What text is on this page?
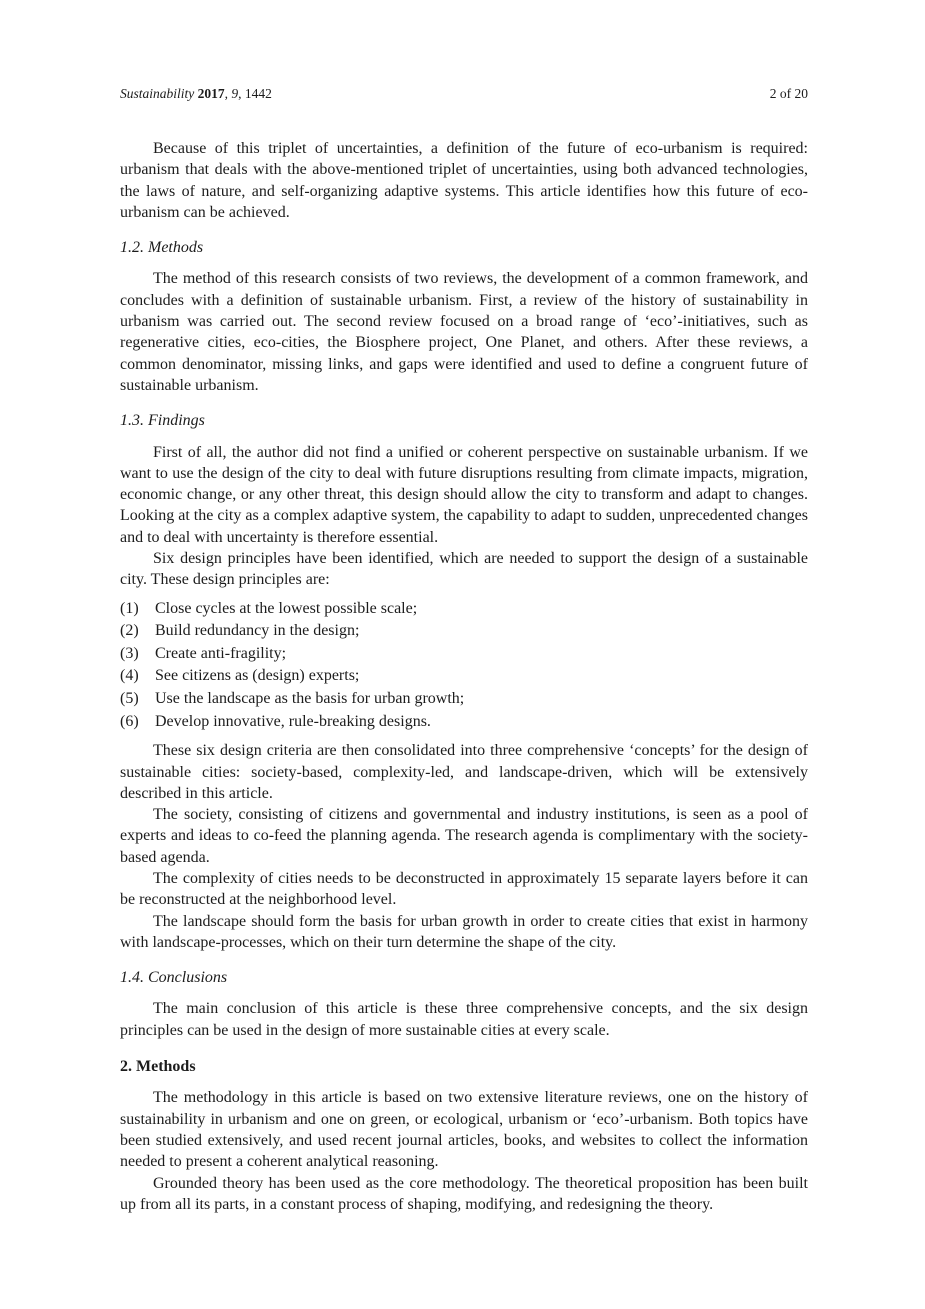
Sustainability 2017, 9, 1442	2 of 20

Because of this triplet of uncertainties, a definition of the future of eco-urbanism is required: urbanism that deals with the above-mentioned triplet of uncertainties, using both advanced technologies, the laws of nature, and self-organizing adaptive systems. This article identifies how this future of eco-urbanism can be achieved.

1.2. Methods

The method of this research consists of two reviews, the development of a common framework, and concludes with a definition of sustainable urbanism. First, a review of the history of sustainability in urbanism was carried out. The second review focused on a broad range of ‘eco’-initiatives, such as regenerative cities, eco-cities, the Biosphere project, One Planet, and others. After these reviews, a common denominator, missing links, and gaps were identified and used to define a congruent future of sustainable urbanism.

1.3. Findings

First of all, the author did not find a unified or coherent perspective on sustainable urbanism. If we want to use the design of the city to deal with future disruptions resulting from climate impacts, migration, economic change, or any other threat, this design should allow the city to transform and adapt to changes. Looking at the city as a complex adaptive system, the capability to adapt to sudden, unprecedented changes and to deal with uncertainty is therefore essential.

Six design principles have been identified, which are needed to support the design of a sustainable city. These design principles are:

(1)	Close cycles at the lowest possible scale;
(2)	Build redundancy in the design;
(3)	Create anti-fragility;
(4)	See citizens as (design) experts;
(5)	Use the landscape as the basis for urban growth;
(6)	Develop innovative, rule-breaking designs.

These six design criteria are then consolidated into three comprehensive ‘concepts’ for the design of sustainable cities: society-based, complexity-led, and landscape-driven, which will be extensively described in this article.

The society, consisting of citizens and governmental and industry institutions, is seen as a pool of experts and ideas to co-feed the planning agenda. The research agenda is complimentary with the society-based agenda.

The complexity of cities needs to be deconstructed in approximately 15 separate layers before it can be reconstructed at the neighborhood level.

The landscape should form the basis for urban growth in order to create cities that exist in harmony with landscape-processes, which on their turn determine the shape of the city.

1.4. Conclusions

The main conclusion of this article is these three comprehensive concepts, and the six design principles can be used in the design of more sustainable cities at every scale.

2. Methods

The methodology in this article is based on two extensive literature reviews, one on the history of sustainability in urbanism and one on green, or ecological, urbanism or ‘eco’-urbanism. Both topics have been studied extensively, and used recent journal articles, books, and websites to collect the information needed to present a coherent analytical reasoning.

Grounded theory has been used as the core methodology. The theoretical proposition has been built up from all its parts, in a constant process of shaping, modifying, and redesigning the theory.
